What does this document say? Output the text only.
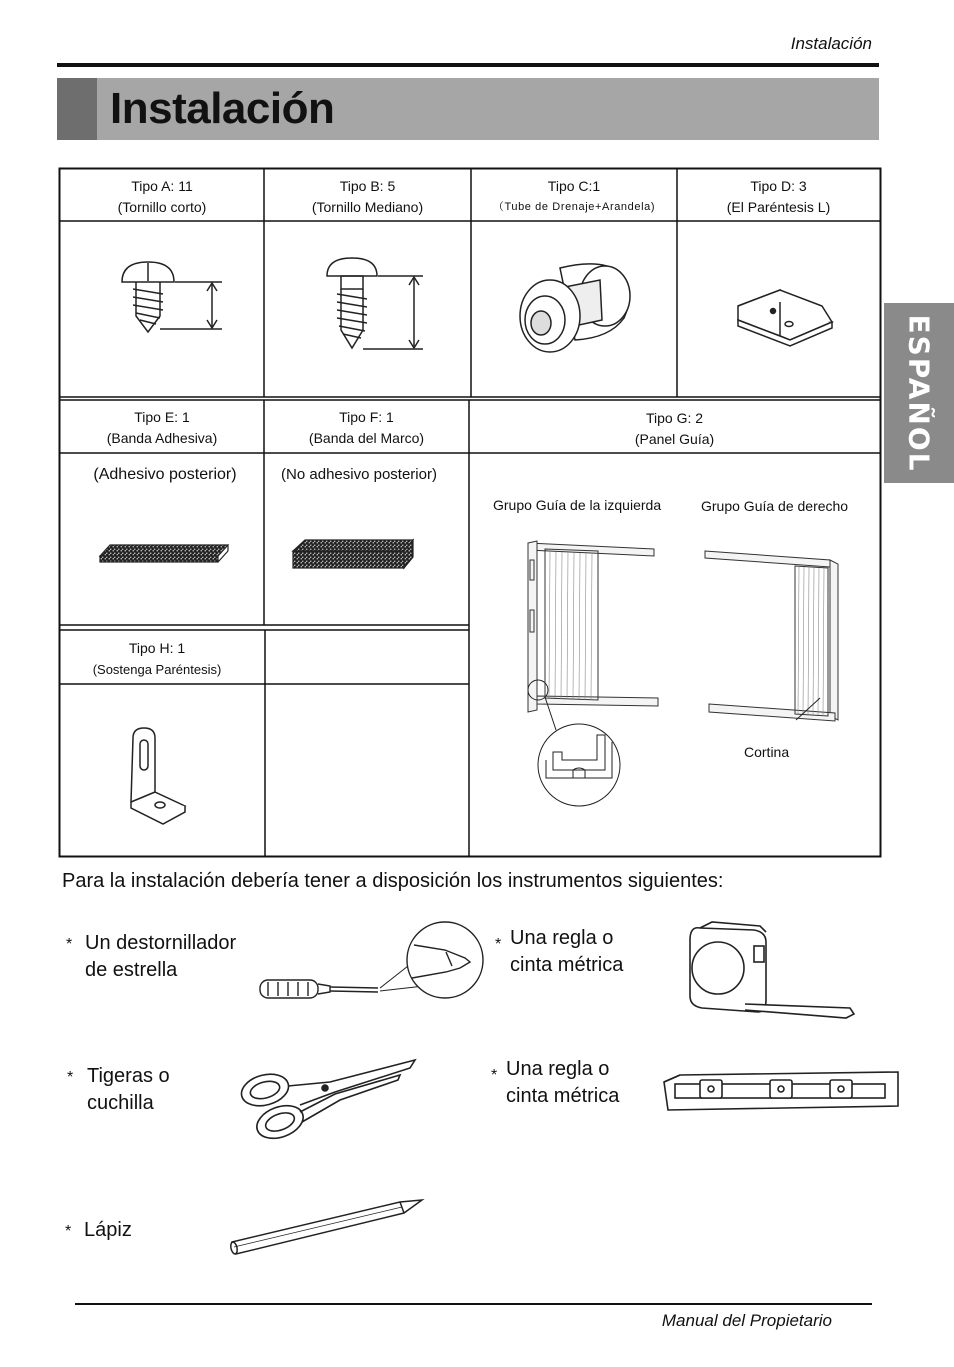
Instalación
Instalación
ESPAÑOL
Tipo A: 11
(Tornillo corto)
Tipo B: 5
(Tornillo Mediano)
Tipo C:1
（Tube de Drenaje+Arandela)
Tipo D: 3
(El Paréntesis L)
Tipo E: 1
(Banda Adhesiva)
Tipo F: 1
(Banda del Marco)
Tipo G: 2
(Panel Guía)
(Adhesivo posterior)	(No adhesivo posterior)
Grupo Guía de la izquierda	Grupo Guía de derecho
Cortina
Tipo H: 1
(Sostenga Paréntesis)
Para la instalación debería tener a disposición los instrumentos siguientes:
* Un destornillador
de estrella
* Una regla o
cinta métrica
* Tigeras o
cuchilla
* Una regla o
cinta métrica
* Lápiz
Manual del Propietario
